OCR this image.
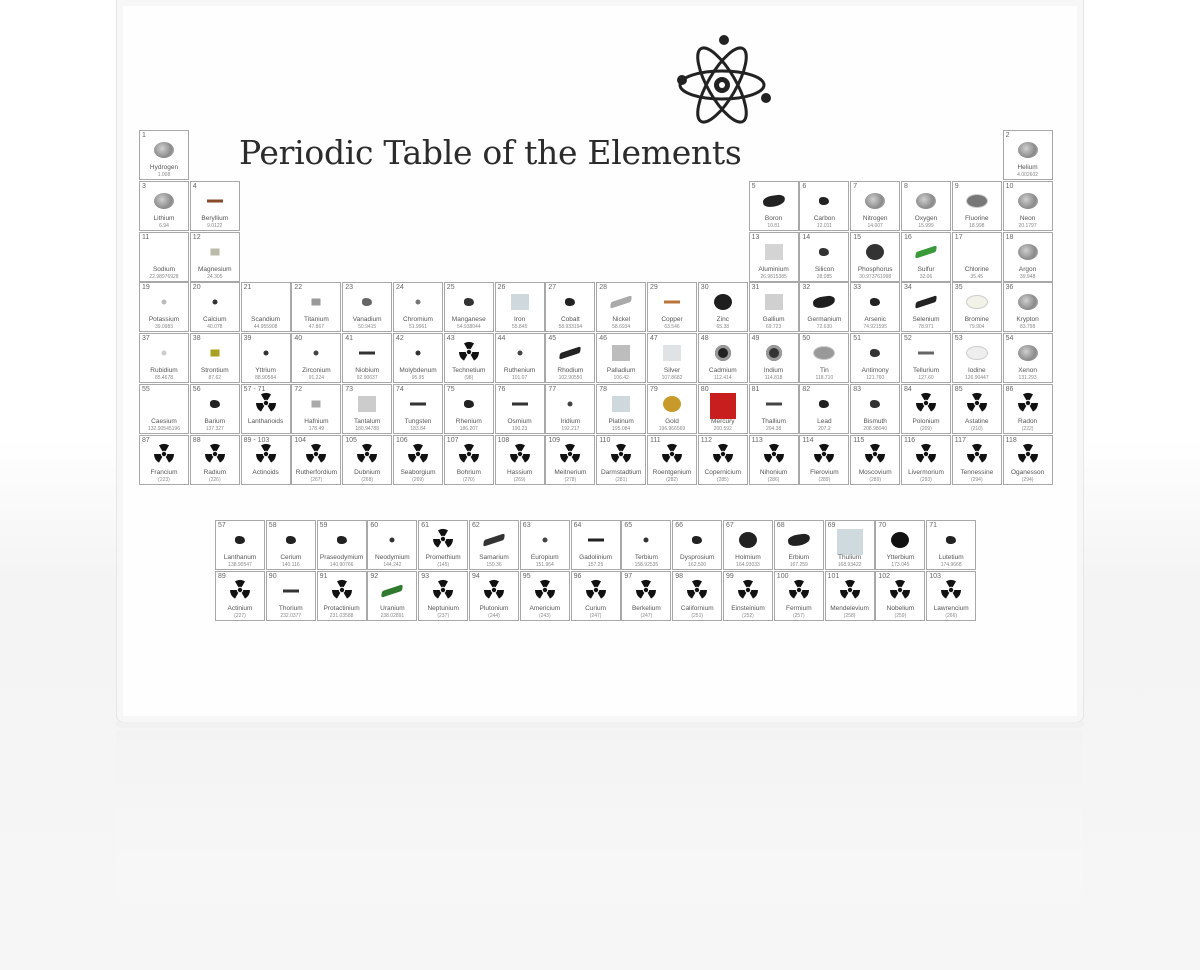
Periodic Table of the Elements
1
Hydrogen
1.008
2
Helium
4.002602
3
Lithium
6.94
4
Beryllium
9.0122
5
Boron
10.81
6
Carbon
12.011
7
Nitrogen
14.007
8
Oxygen
15.999
9
Fluorine
18.998
10
Neon
20.1797
11
Sodium
22.98976928
12
Magnesium
24.305
13
Aluminium
26.9815385
14
Silicon
28.085
15
Phosphorus
30.973761998
16
Sulfur
32.06
17
Chlorine
35.45
18
Argon
39.948
19
Potassium
39.0983
20
Calcium
40.078
21
Scandium
44.955908
22
Titanium
47.867
23
Vanadium
50.9415
24
Chromium
51.9961
25
Manganese
54.938044
26
Iron
55.845
27
Cobalt
58.933194
28
Nickel
58.6934
29
Copper
63.546
30
Zinc
65.38
31
Gallium
69.723
32
Germanium
72.630
33
Arsenic
74.921595
34
Selenium
78.971
35
Bromine
79.904
36
Krypton
83.798
37
Rubidium
85.4678
38
Strontium
87.62
39
Yttrium
88.90584
40
Zirconium
91.224
41
Niobium
92.90637
42
Molybdenum
95.95
43
Technetium
(98)
44
Ruthenium
101.07
45
Rhodium
102.90550
46
Palladium
106.42
47
Silver
107.8682
48
Cadmium
112.414
49
Indium
114.818
50
Tin
118.710
51
Antimony
121.760
52
Tellurium
127.60
53
Iodine
126.90447
54
Xenon
131.293
55
Caesium
132.90545196
56
Barium
137.327
57 - 71
Lanthanoids
72
Hafnium
178.49
73
Tantalum
180.94788
74
Tungsten
183.84
75
Rhenium
186.207
76
Osmium
190.23
77
Iridium
192.217
78
Platinum
195.084
79
Gold
196.966569
80
Mercury
200.592
81
Thallium
204.38
82
Lead
207.2
83
Bismuth
208.98040
84
Polonium
(209)
85
Astatine
(210)
86
Radon
(222)
87
Francium
(223)
88
Radium
(226)
89 - 103
Actinoids
104
Rutherfordium
(267)
105
Dubnium
(268)
106
Seaborgium
(269)
107
Bohrium
(270)
108
Hassium
(269)
109
Meitnerium
(278)
110
Darmstadtium
(281)
111
Roentgenium
(282)
112
Copernicium
(285)
113
Nihonium
(286)
114
Flerovium
(289)
115
Moscovium
(289)
116
Livermorium
(293)
117
Tennessine
(294)
118
Oganesson
(294)
57
Lanthanum
138.90547
58
Cerium
140.116
59
Praseodymium
140.90766
60
Neodymium
144.242
61
Promethium
(145)
62
Samarium
150.36
63
Europium
151.964
64
Gadolinium
157.25
65
Terbium
158.92535
66
Dysprosium
162.500
67
Holmium
164.93033
68
Erbium
167.259
69
Thulium
168.93422
70
Ytterbium
173.045
71
Lutetium
174.9668
89
Actinium
(227)
90
Thorium
232.0377
91
Protactinium
231.03588
92
Uranium
238.02891
93
Neptunium
(237)
94
Plutonium
(244)
95
Americium
(243)
96
Curium
(247)
97
Berkelium
(247)
98
Californium
(251)
99
Einsteinium
(252)
100
Fermium
(257)
101
Mendelevium
(258)
102
Nobelium
(259)
103
Lawrencium
(266)
